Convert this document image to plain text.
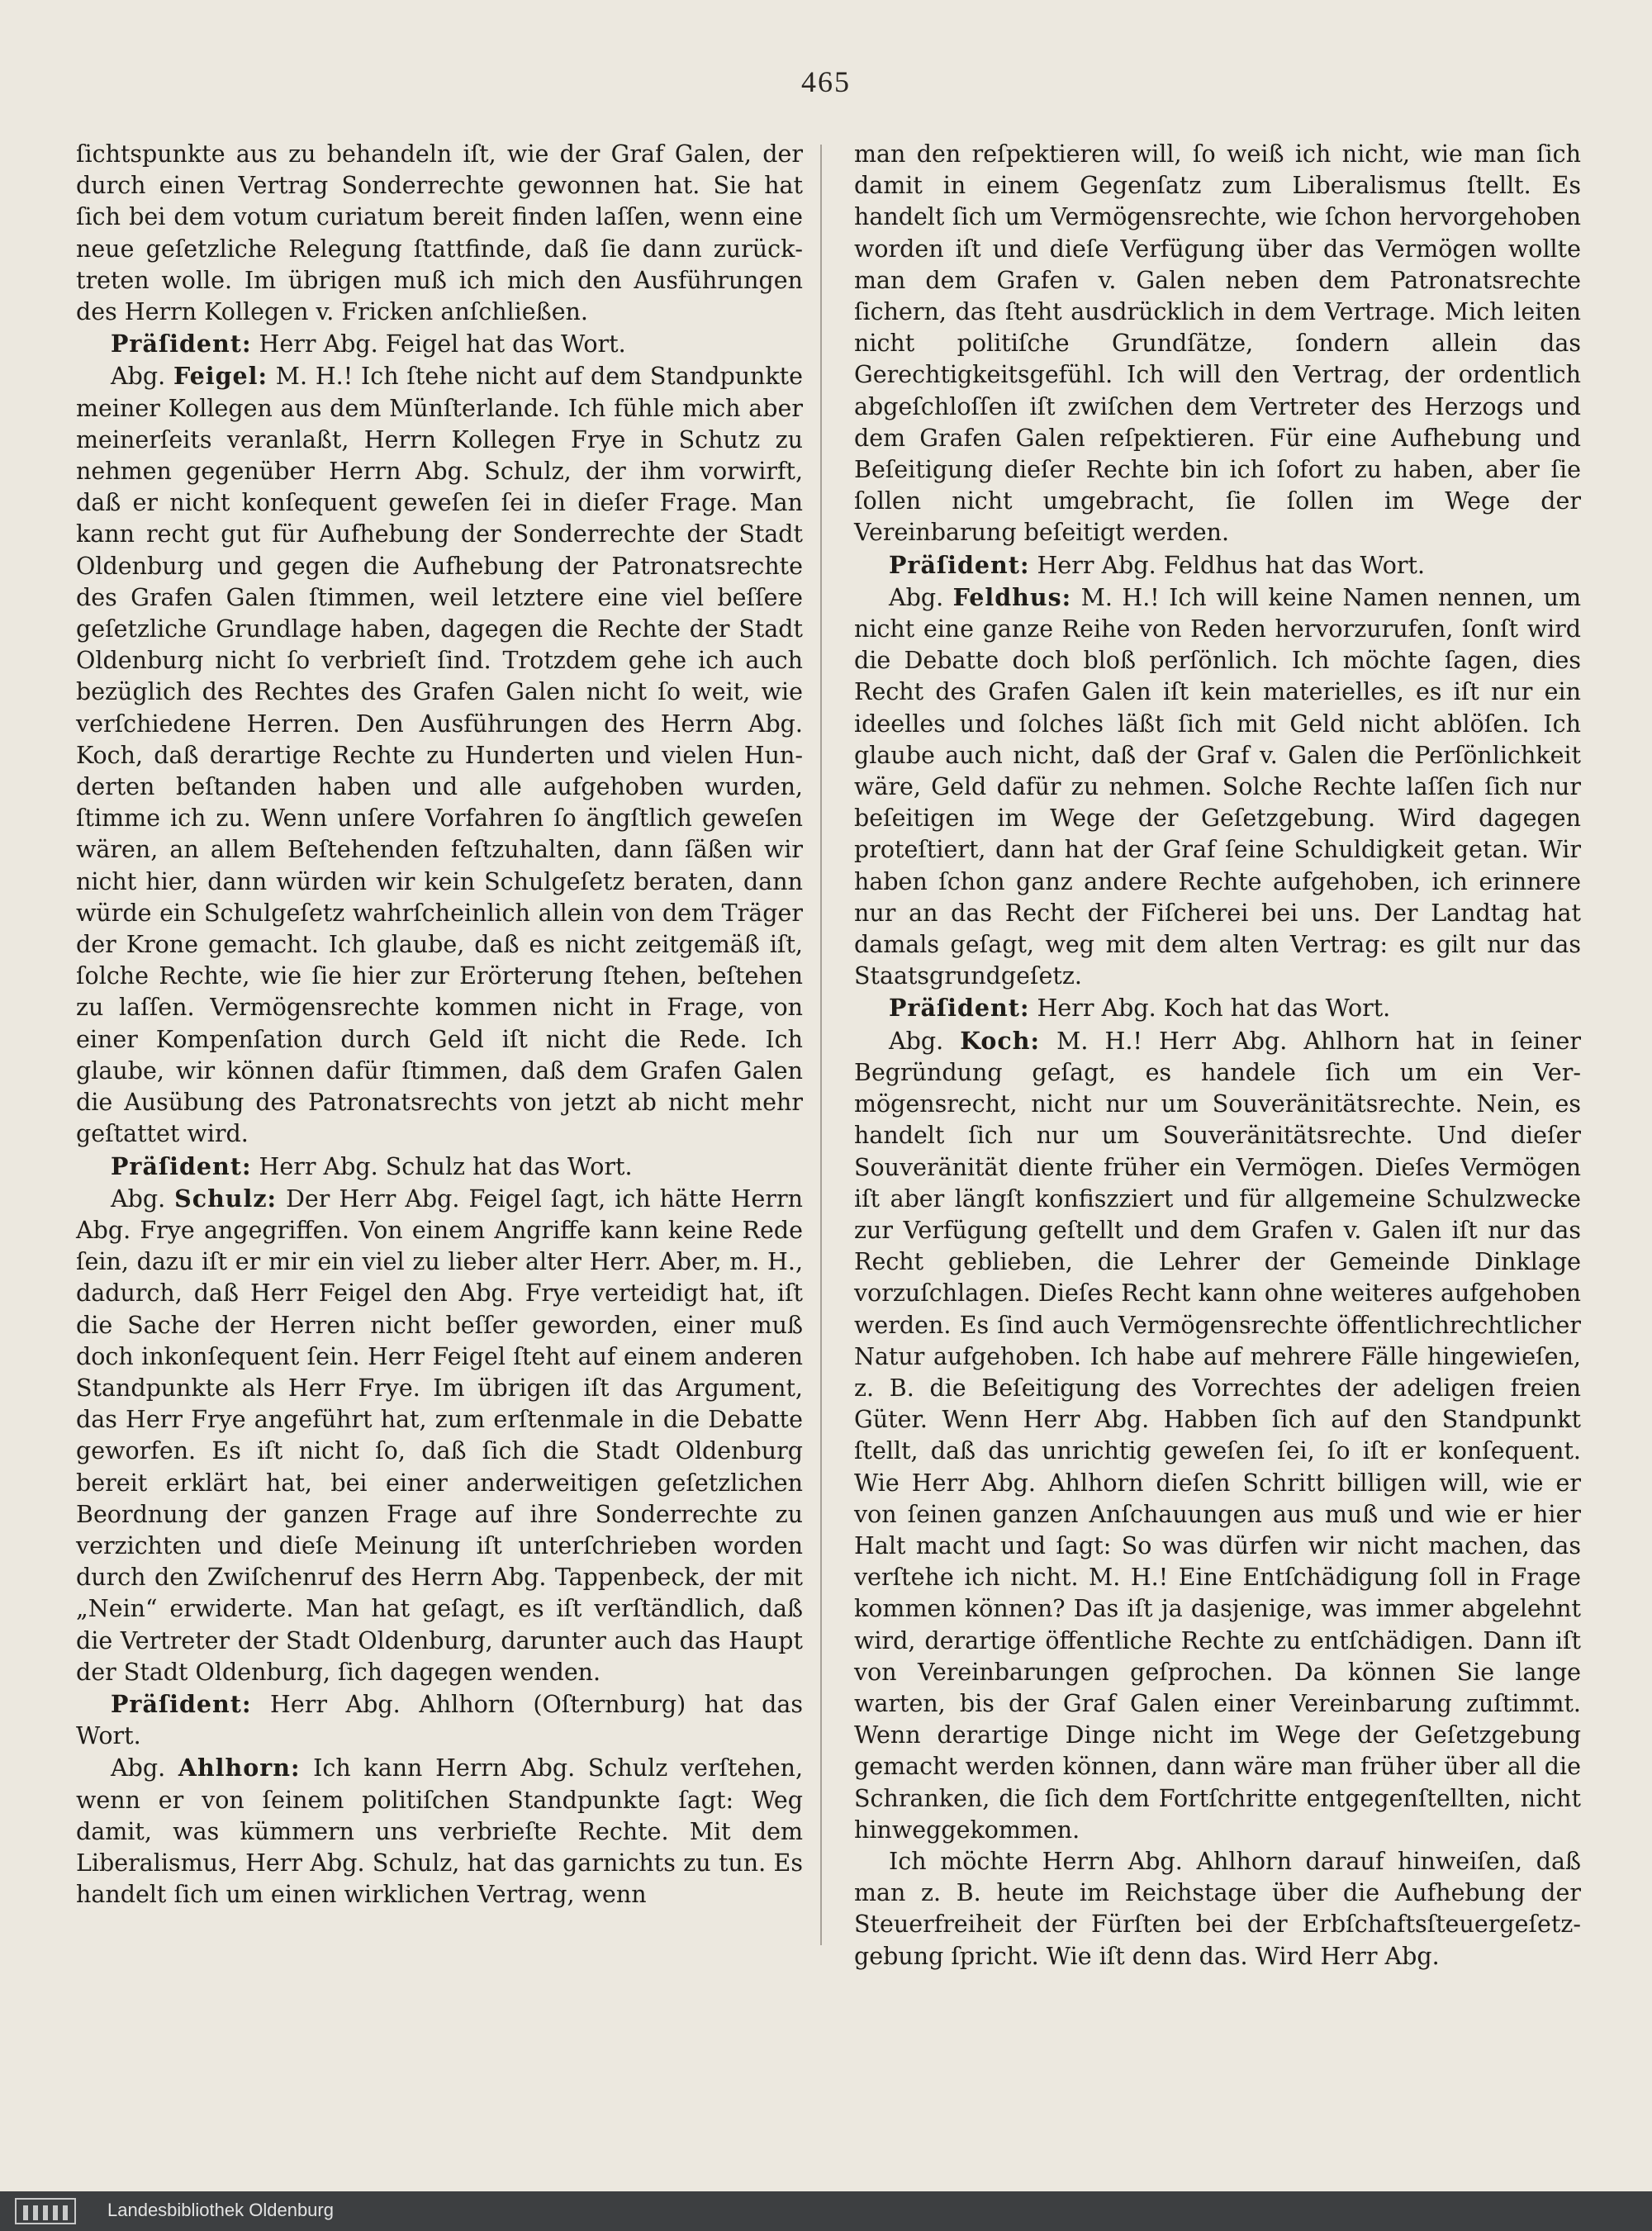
465

ſichtspunkte aus zu behandeln iſt, wie der Graf Galen, der durch einen Vertrag Sonderrechte gewonnen hat. Sie hat ſich bei dem votum curiatum bereit finden laſſen, wenn eine neue geſetzliche Relegung ſtattfinde, daß ſie dann zurücktreten wolle. Im übrigen muß ich mich den Ausführungen des Herrn Kollegen v. Fricken anſchließen.

Präſident: Herr Abg. Feigel hat das Wort.

Abg. Feigel: M. H.! Ich ſtehe nicht auf dem Standpunkte meiner Kollegen aus dem Münſterlande. Ich fühle mich aber meinerſeits veranlaßt, Herrn Kollegen Frye in Schutz zu nehmen gegenüber Herrn Abg. Schulz, der ihm vorwirft, daß er nicht konſequent geweſen ſei in dieſer Frage. Man kann recht gut für Aufhebung der Sonderrechte der Stadt Oldenburg und gegen die Aufhebung der Patronatsrechte des Grafen Galen ſtimmen, weil letztere eine viel beſſere geſetzliche Grundlage haben, dagegen die Rechte der Stadt Oldenburg nicht ſo verbrieſt ſind. Trotzdem gehe ich auch bezüglich des Rechtes des Grafen Galen nicht ſo weit, wie verſchiedene Herren. Den Ausführungen des Herrn Abg. Koch, daß derartige Rechte zu Hunderten und vielen Hunderten beſtanden haben und alle aufgehoben wurden, ſtimme ich zu. Wenn unſere Vorfahren ſo ängſtlich geweſen wären, an allem Beſtehenden feſtzuhalten, dann ſäßen wir nicht hier, dann würden wir kein Schulgeſetz beraten, dann würde ein Schulgeſetz wahrſcheinlich allein von dem Träger der Krone gemacht. Ich glaube, daß es nicht zeitgemäß iſt, ſolche Rechte, wie ſie hier zur Erörterung ſtehen, beſtehen zu laſſen. Vermögensrechte kommen nicht in Frage, von einer Kompenſation durch Geld iſt nicht die Rede. Ich glaube, wir können dafür ſtimmen, daß dem Grafen Galen die Ausübung des Patronatsrechts von jetzt ab nicht mehr geſtattet wird.

Präſident: Herr Abg. Schulz hat das Wort.

Abg. Schulz: Der Herr Abg. Feigel ſagt, ich hätte Herrn Abg. Frye angegriffen. Von einem Angriffe kann keine Rede ſein, dazu iſt er mir ein viel zu lieber alter Herr. Aber, m. H., dadurch, daß Herr Feigel den Abg. Frye verteidigt hat, iſt die Sache der Herren nicht beſſer geworden, einer muß doch inkonſequent ſein. Herr Feigel ſteht auf einem anderen Standpunkte als Herr Frye. Im übrigen iſt das Argument, das Herr Frye angeführt hat, zum erſtenmale in die Debatte geworfen. Es iſt nicht ſo, daß ſich die Stadt Oldenburg bereit erklärt hat, bei einer anderweitigen geſetzlichen Beordnung der ganzen Frage auf ihre Sonderrechte zu verzichten und dieſe Meinung iſt unterſchrieben worden durch den Zwiſchenruf des Herrn Abg. Tappenbeck, der mit „Nein“ erwiderte. Man hat geſagt, es iſt verſtändlich, daß die Vertreter der Stadt Oldenburg, darunter auch das Haupt der Stadt Oldenburg, ſich dagegen wenden.

Präſident: Herr Abg. Ahlhorn (Oſternburg) hat das Wort.

Abg. Ahlhorn: Ich kann Herrn Abg. Schulz verſtehen, wenn er von ſeinem politiſchen Standpunkte ſagt: Weg damit, was kümmern uns verbrieſte Rechte. Mit dem Liberalismus, Herr Abg. Schulz, hat das garnichts zu tun. Es handelt ſich um einen wirklichen Vertrag, wenn

man den reſpektieren will, ſo weiß ich nicht, wie man ſich damit in einem Gegenſatz zum Liberalismus ſtellt. Es handelt ſich um Vermögensrechte, wie ſchon hervorgehoben worden iſt und dieſe Verfügung über das Vermögen wollte man dem Grafen v. Galen neben dem Patronatsrechte ſichern, das ſteht ausdrücklich in dem Vertrage. Mich leiten nicht politiſche Grundſätze, ſondern allein das Gerechtigkeitsgefühl. Ich will den Vertrag, der ordentlich abgeſchloſſen iſt zwiſchen dem Vertreter des Herzogs und dem Grafen Galen reſpektieren. Für eine Aufhebung und Beſeitigung dieſer Rechte bin ich ſofort zu haben, aber ſie ſollen nicht umgebracht, ſie ſollen im Wege der Vereinbarung beſeitigt werden.

Präſident: Herr Abg. Feldhus hat das Wort.

Abg. Feldhus: M. H.! Ich will keine Namen nennen, um nicht eine ganze Reihe von Reden hervorzurufen, ſonſt wird die Debatte doch bloß perſönlich. Ich möchte ſagen, dies Recht des Grafen Galen iſt kein materielles, es iſt nur ein ideelles und ſolches läßt ſich mit Geld nicht ablöſen. Ich glaube auch nicht, daß der Graf v. Galen die Perſönlichkeit wäre, Geld dafür zu nehmen. Solche Rechte laſſen ſich nur beſeitigen im Wege der Geſetzgebung. Wird dagegen proteſtiert, dann hat der Graf ſeine Schuldigkeit getan. Wir haben ſchon ganz andere Rechte aufgehoben, ich erinnere nur an das Recht der Fiſcherei bei uns. Der Landtag hat damals geſagt, weg mit dem alten Vertrag: es gilt nur das Staatsgrundgeſetz.

Präſident: Herr Abg. Koch hat das Wort.

Abg. Koch: M. H.! Herr Abg. Ahlhorn hat in ſeiner Begründung geſagt, es handele ſich um ein Vermögensrecht, nicht nur um Souveränitätsrechte. Nein, es handelt ſich nur um Souveränitätsrechte. Und dieſer Souveränität diente früher ein Vermögen. Dieſes Vermögen iſt aber längſt konfiszziert und für allgemeine Schulzwecke zur Verfügung geſtellt und dem Grafen v. Galen iſt nur das Recht geblieben, die Lehrer der Gemeinde Dinklage vorzuſchlagen. Dieſes Recht kann ohne weiteres aufgehoben werden. Es ſind auch Vermögensrechte öffentlichrechtlicher Natur aufgehoben. Ich habe auf mehrere Fälle hingewieſen, z. B. die Beſeitigung des Vorrechtes der adeligen freien Güter. Wenn Herr Abg. Habben ſich auf den Standpunkt ſtellt, daß das unrichtig geweſen ſei, ſo iſt er konſequent. Wie Herr Abg. Ahlhorn dieſen Schritt billigen will, wie er von ſeinen ganzen Anſchauungen aus muß und wie er hier Halt macht und ſagt: So was dürfen wir nicht machen, das verſtehe ich nicht. M. H.! Eine Entſchädigung ſoll in Frage kommen können? Das iſt ja dasjenige, was immer abgelehnt wird, derartige öffentliche Rechte zu entſchädigen. Dann iſt von Vereinbarungen geſprochen. Da können Sie lange warten, bis der Graf Galen einer Vereinbarung zuſtimmt. Wenn derartige Dinge nicht im Wege der Geſetzgebung gemacht werden können, dann wäre man früher über all die Schranken, die ſich dem Fortſchritte entgegenſtellten, nicht hinweggekommen.

Ich möchte Herrn Abg. Ahlhorn darauf hinweiſen, daß man z. B. heute im Reichstage über die Aufhebung der Steuerfreiheit der Fürſten bei der Erbſchaftsſteuergeſetzgebung ſpricht. Wie iſt denn das. Wird Herr Abg.

Landesbibliothek Oldenburg
